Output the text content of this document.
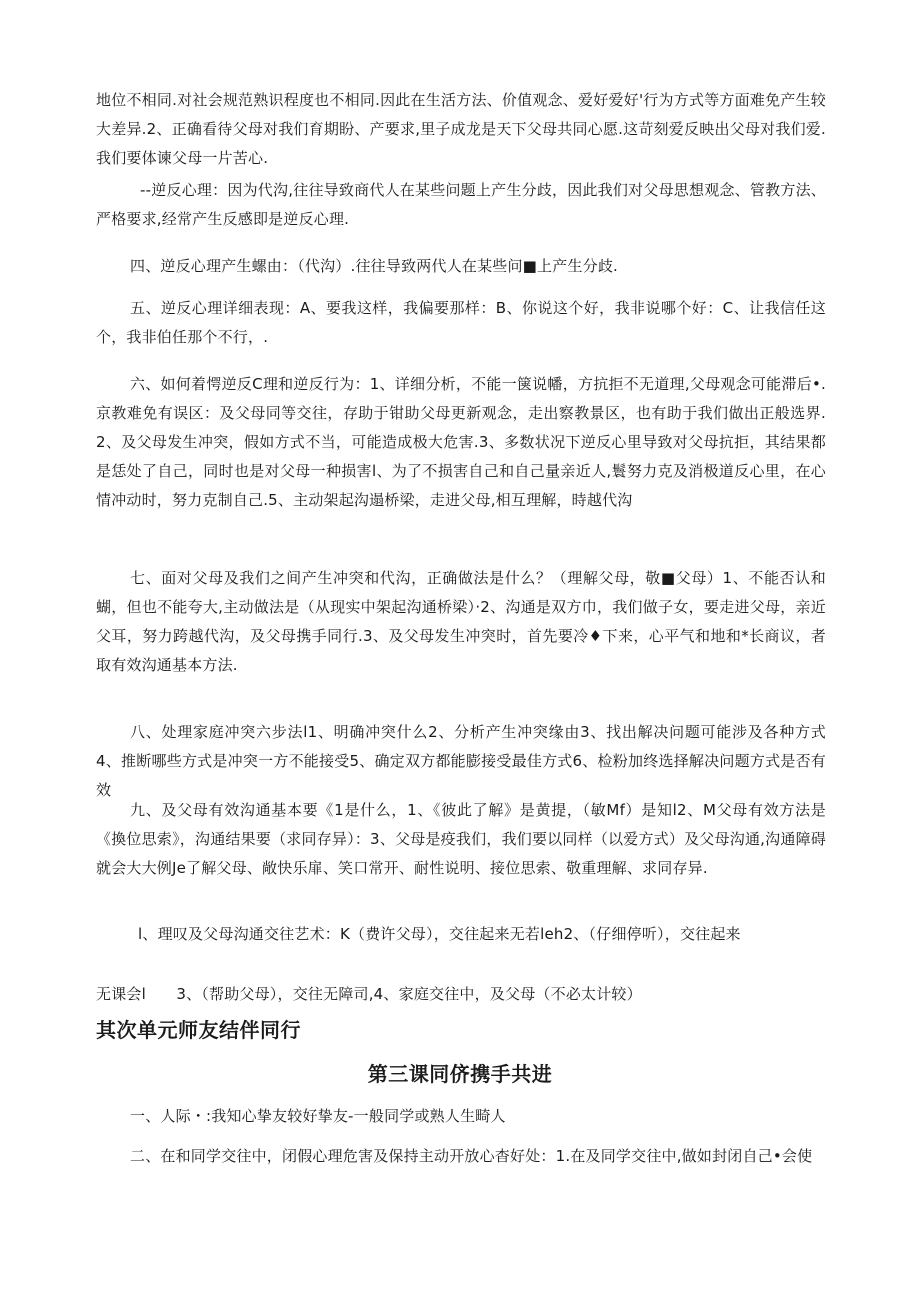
地位不相同.对社会规范熟识程度也不相同.因此在生活方法、价值观念、爱好爱好'行为方式等方面难免产生较大差异.2、正确看待父母对我们育期盼、产要求,里子成龙是天下父母共同心愿.这苛刻爱反映出父母对我们爱.我们要体谏父母一片苦心.

--逆反心理：因为代沟,往往导致商代人在某些问题上产生分歧，因此我们对父母思想观念、管教方法、严格要求,经常产生反感即是逆反心理.

四、逆反心理产生螺由：（代沟）.往往导致两代人在某些问■上产生分歧.

五、逆反心理详细表现：A、要我这样，我偏要那样：B、你说这个好，我非说哪个好：C、让我信任这个，我非伯任那个不行，.

六、如何着愕逆反C理和逆反行为：1、详细分析，不能一箧说幡，方抗拒不无道理,父母观念可能滞后•.京教难免有误区：及父母同等交往，存助于钳助父母更新观念，走出察教景区，也有助于我们做出正般选界.2、及父母发生冲突，假如方式不当，可能造成极大危害.3、多数状况下逆反心里导致对父母抗拒，其结果都是恁处了自己，同时也是对父母一种损害l、为了不损害自己和自己量亲近人,鬟努力克及消极道反心里，在心情冲动时，努力克制自己.5、主动架起沟遢桥梁，走进父母,相互理解，時越代沟

七、面对父母及我们之间产生冲突和代沟，正确做法是什么？（理解父母，敬■父母）1、不能否认和蝴，但也不能夸大,主动做法是（从现实中架起沟通桥梁）·2、沟通是双方巾，我们做子女，要走进父母，亲近父耳，努力跨越代沟，及父母携手同行.3、及父母发生冲突时，首先要冷♦下来，心平气和地和*长商议，者取有效沟通基本方法.

八、处理家庭冲突六步法l1、明确冲突什么2、分析产生冲突缘由3、找出解决问题可能涉及各种方式4、推断哪些方式是冲突一方不能接受5、确定双方都能膨接受最佳方式6、检粉加终选择解决问题方式是否有效

九、及父母有效沟通基本要《1是什么，1、《彼此了解》是黄提，（敏Mf）是知l2、M父母有效方法是《換位思索》，沟通结果要（求同存异）：3、父母是疫我们，我们要以同样（以爱方式）及父母沟通,沟通障碍就会大大例Je了解父母、敞快乐扉、笑口常开、耐性说明、接位思索、敬重理解、求同存异.

l、理叹及父母沟通交往艺术：K（费许父母），交往起来无若leh2、（仔细停听），交往起来

无课会l　　3、（帮助父母），交往无障司,4、家庭交往中，及父母（不必太计较）

其次单元师友结伴同行
第三课同侪携手共进

一、人际・:我知心挚友较好挚友-一般同学或熟人生畸人

二、在和同学交往中，闭假心理危害及保持主动开放心杳好处：1.在及同学交往中,做如封闭自己•会使
